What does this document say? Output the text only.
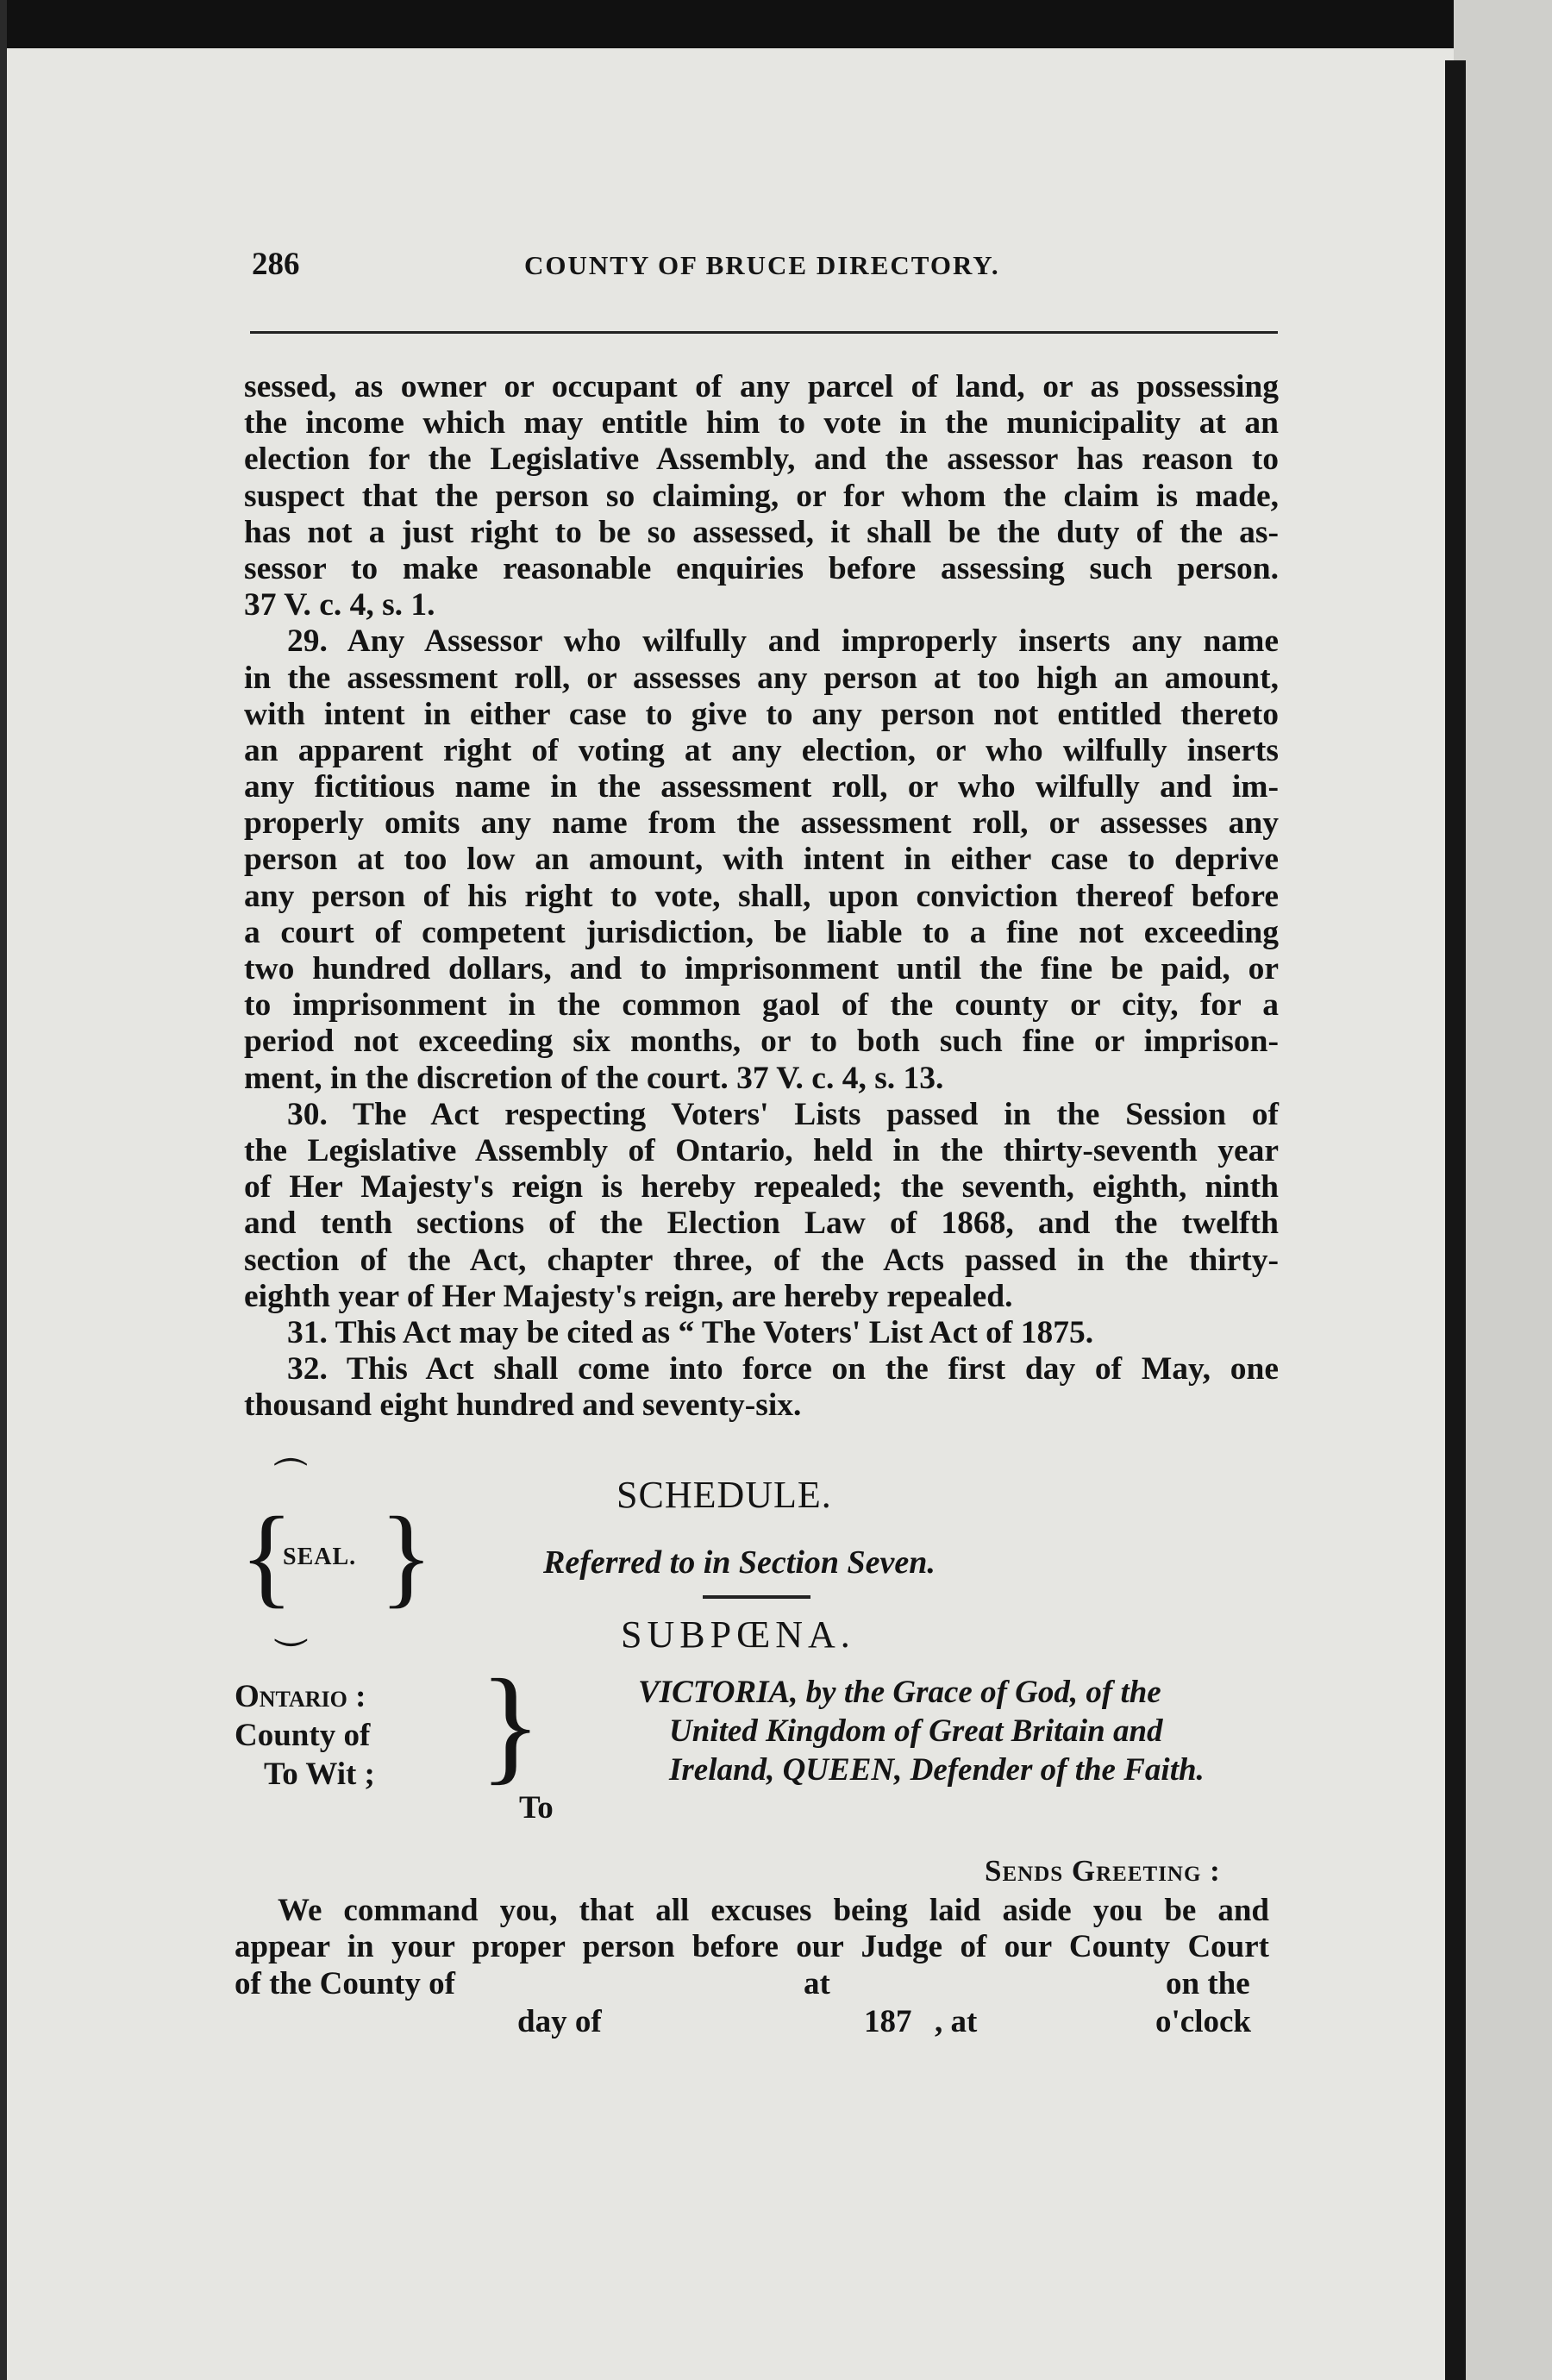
286	COUNTY OF BRUCE DIRECTORY.
sessed, as owner or occupant of any parcel of land, or as possessing
the income which may entitle him to vote in the municipality at an
election for the Legislative Assembly, and the assessor has reason to
suspect that the person so claiming, or for whom the claim is made,
has not a just right to be so assessed, it shall be the duty of the as-
sessor to make reasonable enquiries before assessing such person.
37 V. c. 4, s. 1.
29. Any Assessor who wilfully and improperly inserts any name
in the assessment roll, or assesses any person at too high an amount,
with intent in either case to give to any person not entitled thereto
an apparent right of voting at any election, or who wilfully inserts
any fictitious name in the assessment roll, or who wilfully and im-
properly omits any name from the assessment roll, or assesses any
person at too low an amount, with intent in either case to deprive
any person of his right to vote, shall, upon conviction thereof before
a court of competent jurisdiction, be liable to a fine not exceeding
two hundred dollars, and to imprisonment until the fine be paid, or
to imprisonment in the common gaol of the county or city, for a
period not exceeding six months, or to both such fine or imprison-
ment, in the discretion of the court. 37 V. c. 4, s. 13.
30. The Act respecting Voters' Lists passed in the Session of
the Legislative Assembly of Ontario, held in the thirty-seventh year
of Her Majesty's reign is hereby repealed; the seventh, eighth, ninth
and tenth sections of the Election Law of 1868, and the twelfth
section of the Act, chapter three, of the Acts passed in the thirty-
eighth year of Her Majesty's reign, are hereby repealed.
31. This Act may be cited as “ The Voters' List Act of 1875.
32. This Act shall come into force on the first day of May, one
thousand eight hundred and seventy-six.
⏜
{
SEAL. }
⏝
SCHEDULE.
Referred to in Section Seven.
SUBPŒNA.
Ontario :
County of
To Wit ; }	VICTORIA, by the Grace of God, of the
United Kingdom of Great Britain and
Ireland, QUEEN, Defender of the Faith.
To
Sends Greeting :
We command you, that all excuses being laid aside you be and
appear in your proper person before our Judge of our County Court
of the County of	at	on the
day of	187 , at	o'clock
